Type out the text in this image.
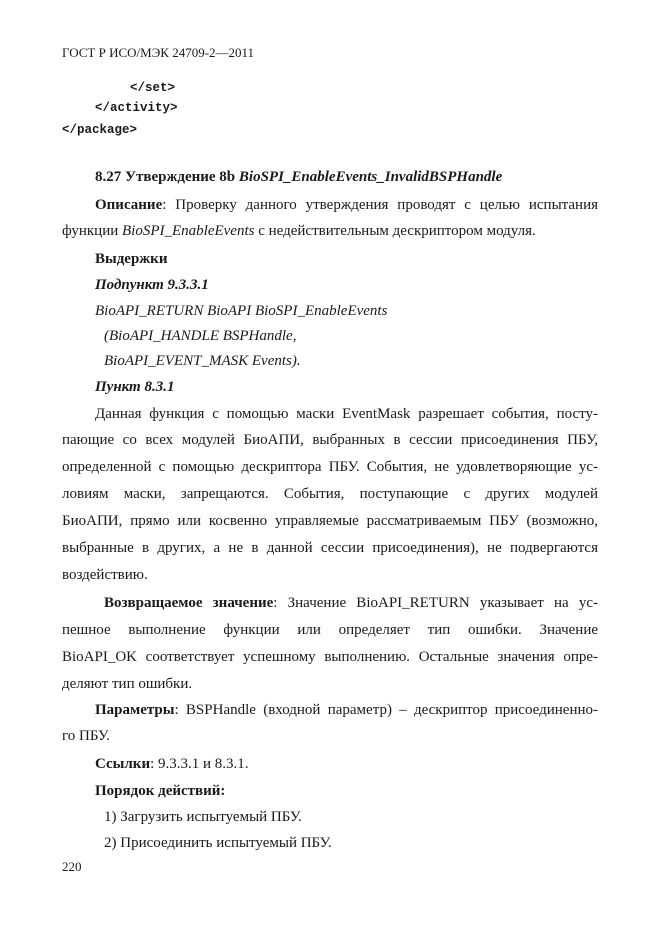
ГОСТ Р ИСО/МЭК 24709-2—2011
</set>
</activity>
</package>
8.27 Утверждение 8b BioSPI_EnableEvents_InvalidBSPHandle
Описание: Проверку данного утверждения проводят с целью испытания
функции BioSPI_EnableEvents с недействительным дескриптором модуля.
Выдержки
Подпункт 9.3.3.1
BioAPI_RETURN BioAPI BioSPI_EnableEvents
(BioAPI_HANDLE BSPHandle,
BioAPI_EVENT_MASK Events).
Пункт 8.3.1
Данная функция с помощью маски EventMask разрешает события, посту-
пающие со всех модулей БиоАПИ, выбранных в сессии присоединения ПБУ,
определенной с помощью дескриптора ПБУ. События, не удовлетворяющие ус-
ловиям маски, запрещаются. События, поступающие с других модулей
БиоАПИ, прямо или косвенно управляемые рассматриваемым ПБУ (возможно,
выбранные в других, а не в данной сессии присоединения), не подвергаются
воздействию.
Возвращаемое значение: Значение BioAPI_RETURN указывает на ус-
пешное выполнение функции или определяет тип ошибки. Значение
BioAPI_OK соответствует успешному выполнению. Остальные значения опре-
деляют тип ошибки.
Параметры: BSPHandle (входной параметр) – дескриптор присоединенно-
го ПБУ.
Ссылки: 9.3.3.1 и 8.3.1.
Порядок действий:
1) Загрузить испытуемый ПБУ.
2) Присоединить испытуемый ПБУ.
220
